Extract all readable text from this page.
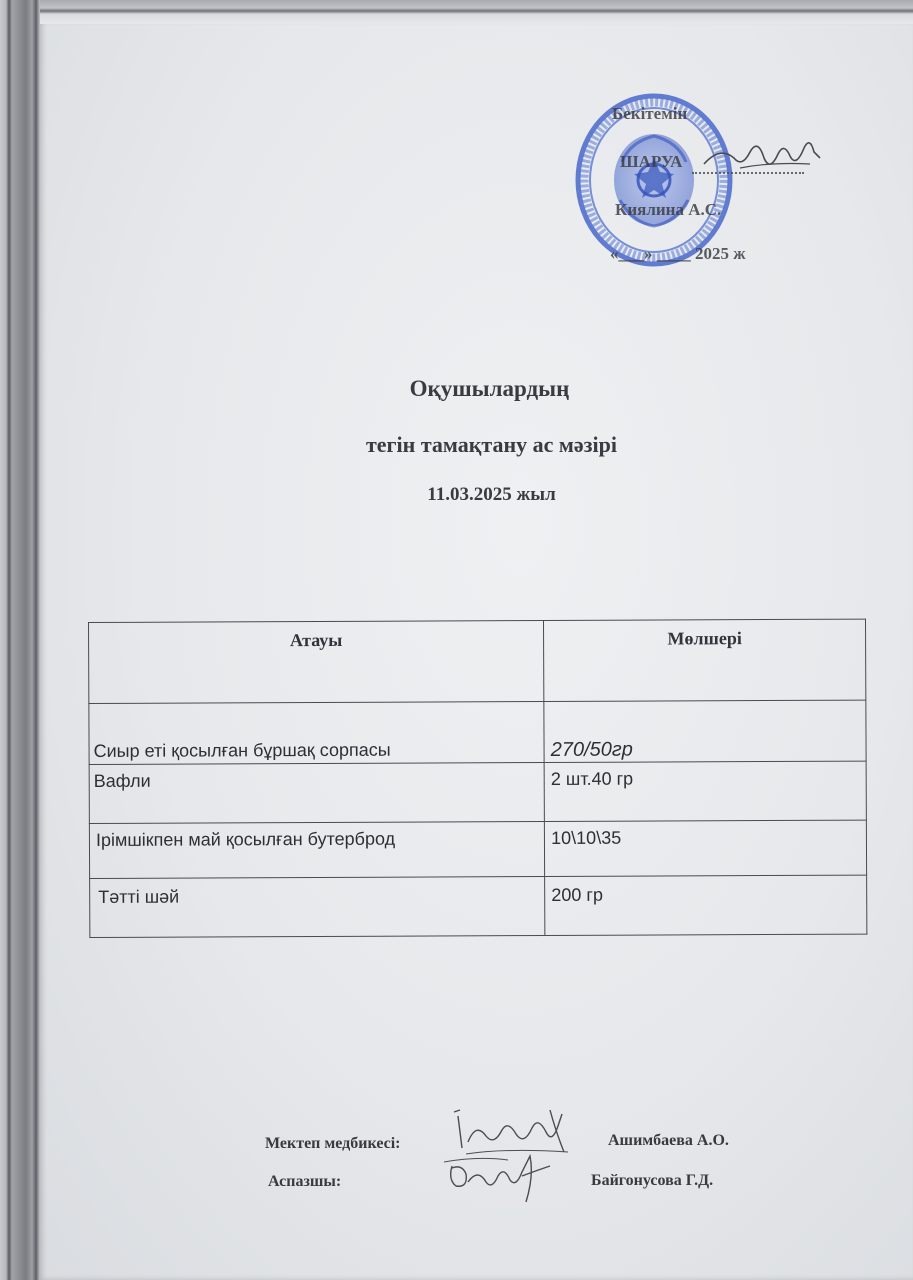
Бекітемін
ШАРУА
Киялина А.С.
«___» ____ 2025 ж
Оқушылардың
тегін тамақтану ас мәзірі
11.03.2025 жыл
Атауы	Мөлшері
Сиыр еті қосылған бұршақ сорпасы	270/50гр
Вафли	2 шт.40 гр
Ірімшікпен май қосылған бутерброд	10\10\35
Тәтті шәй	200 гр
Мектеп медбикесі:	Ашимбаева А.О.
Аспазшы:	Байгонусова Г.Д.
